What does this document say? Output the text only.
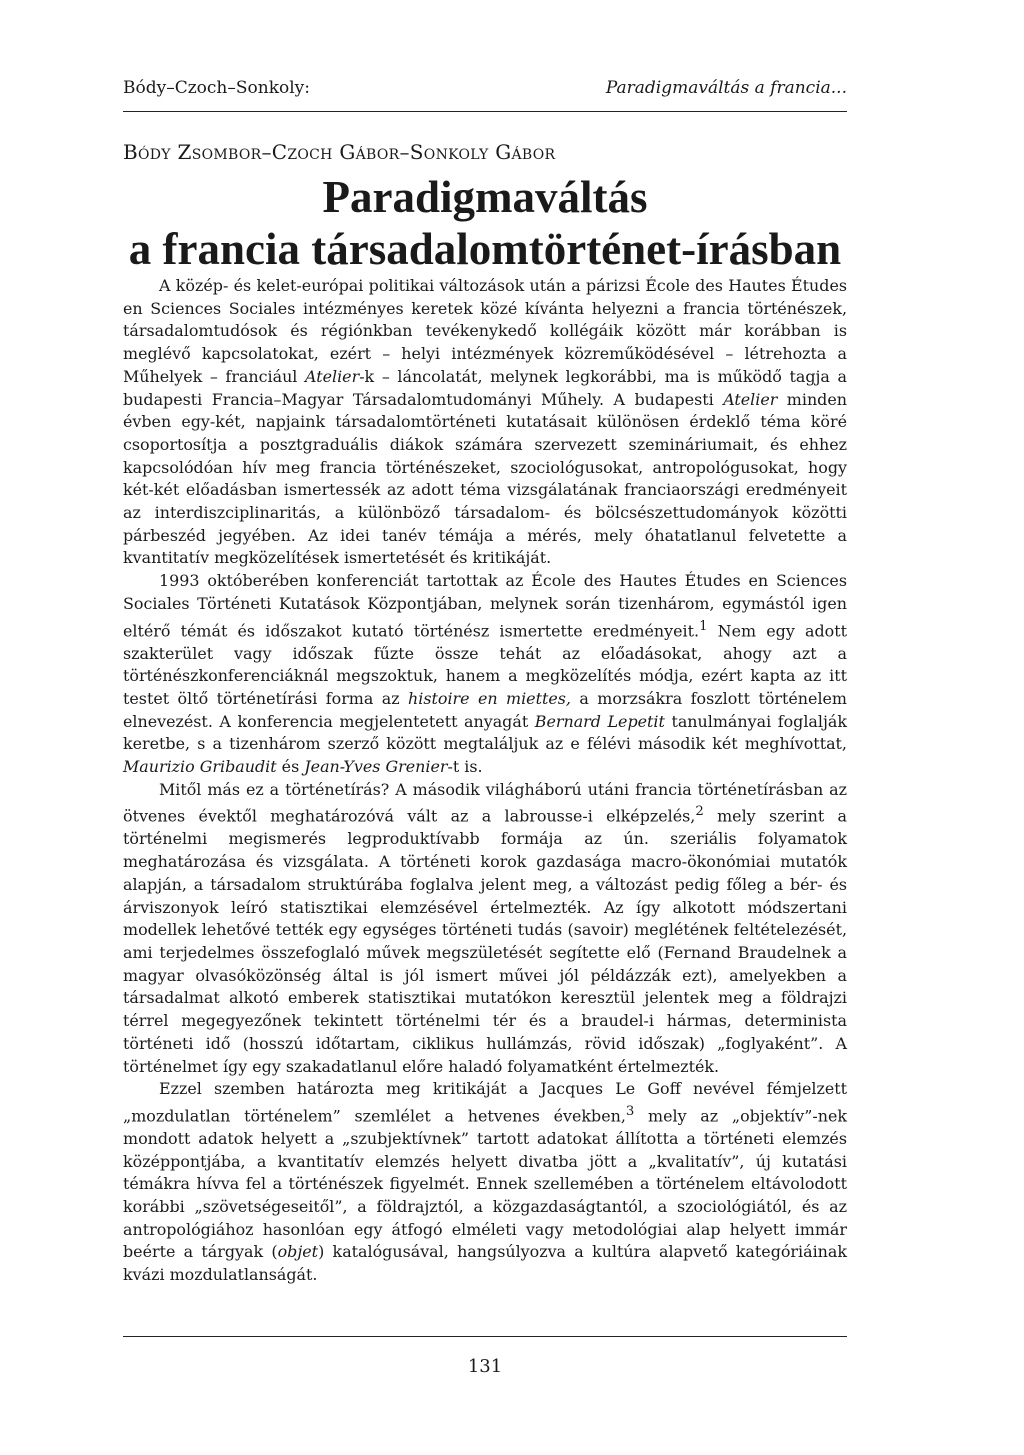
Bódy–Czoch–Sonkoly:	Paradigmaváltás a francia...
Bódy Zsombor–Czoch Gábor–Sonkoly Gábor
Paradigmaváltás
a francia társadalomtörténet-írásban

A közép- és kelet-európai politikai változások után a párizsi École des Hautes Études en Sciences Sociales intézményes keretek közé kívánta helyezni a francia történészek, társadalomtudósok és régiónkban tevékenykedő kollégáik között már korábban is meglévő kapcsolatokat, ezért – helyi intézmények közreműködésével – létrehozta a Műhelyek – franciául Atelier-k – láncolatát, melynek legkorábbi, ma is működő tagja a budapesti Francia–Magyar Társadalomtudományi Műhely. A budapesti Atelier minden évben egy-két, napjaink társadalomtörténeti kutatásait különösen érdeklő téma köré csoportosítja a posztgraduális diákok számára szervezett szemináriumait, és ehhez kapcsolódóan hív meg francia történészeket, szociológusokat, antropológusokat, hogy két-két előadásban ismertessék az adott téma vizsgálatának franciaországi eredményeit az interdiszciplinaritás, a különböző társadalom- és bölcsészettudományok közötti párbeszéd jegyében. Az idei tanév témája a mérés, mely óhatatlanul felvetette a kvantitatív megközelítések ismertetését és kritikáját.

1993 októberében konferenciát tartottak az École des Hautes Études en Sciences Sociales Történeti Kutatások Központjában, melynek során tizenhárom, egymástól igen eltérő témát és időszakot kutató történész ismertette eredményeit.$^1$ Nem egy adott szakterület vagy időszak fűzte össze tehát az előadásokat, ahogy azt a történészkonferenciáknál megszoktuk, hanem a megközelítés módja, ezért kapta az itt testet öltő történetírási forma az histoire en miettes, a morzsákra foszlott történelem elnevezést. A konferencia megjelentetett anyagát Bernard Lepetit tanulmányai foglalják keretbe, s a tizenhárom szerző között megtaláljuk az e félévi második két meghívottat, Maurizio Gribaudit és Jean-Yves Grenier-t is.

Mitől más ez a történetírás? A második világháború utáni francia történetírásban az ötvenes évektől meghatározóvá vált az a labrousse-i elképzelés,$^2$ mely szerint a történelmi megismerés legproduktívabb formája az ún. szeriális folyamatok meghatározása és vizsgálata. A történeti korok gazdasága macro-ökonómiai mutatók alapján, a társadalom struktúrába foglalva jelent meg, a változást pedig főleg a bér- és árviszonyok leíró statisztikai elemzésével értelmezték. Az így alkotott módszertani modellek lehetővé tették egy egységes történeti tudás (savoir) meglétének feltételezését, ami terjedelmes összefoglaló művek megszületését segítette elő (Fernand Braudelnek a magyar olvasóközönség által is jól ismert művei jól példázzák ezt), amelyekben a társadalmat alkotó emberek statisztikai mutatókon keresztül jelentek meg a földrajzi térrel megegyezőnek tekintett történelmi tér és a braudel-i hármas, determinista történeti idő (hosszú időtartam, ciklikus hullámzás, rövid időszak) „foglyaként”. A történelmet így egy szakadatlanul előre haladó folyamatként értelmezték.

Ezzel szemben határozta meg kritikáját a Jacques Le Goff nevével fémjelzett „mozdulatlan történelem” szemlélet a hetvenes években,$^3$ mely az „objektív”-nek mondott adatok helyett a „szubjektívnek” tartott adatokat állította a történeti elemzés középpontjába, a kvantitatív elemzés helyett divatba jött a „kvalitatív”, új kutatási témákra hívva fel a történészek figyelmét. Ennek szellemében a történelem eltávolodott korábbi „szövetségeseitől”, a földrajztól, a közgazdaságtantól, a szociológiától, és az antropológiához hasonlóan egy átfogó elméleti vagy metodológiai alap helyett immár beérte a tárgyak (objet) katalógusával, hangsúlyozva a kultúra alapvető kategóriáinak kvázi mozdulatlanságát.

131
